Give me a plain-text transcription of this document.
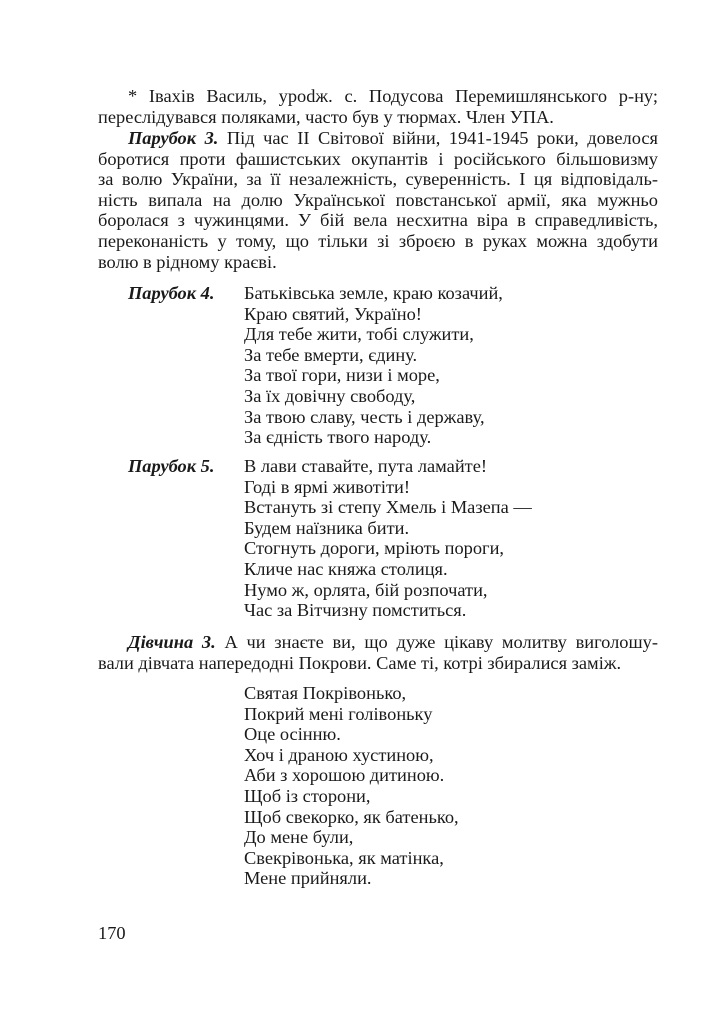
* Івахів Василь, урodж. с. Подусова Перемишлянського р-ну;
переслідувався поляками, часто був у тюрмах. Член УПА.
Парубок 3. Під час II Світової війни, 1941-1945 роки, довелося
боротися проти фашистських окупантів і російського більшовизму
за волю України, за її незалежність, суверенність. І ця відповідаль-
ність випала на долю Української повстанської армії, яка мужньо
боролася з чужинцями. У бій вела несхитна віра в справедливість,
переконаність у тому, що тільки зі зброєю в руках можна здобути
волю в рідному краєві.
Парубок 4. Батьківська земле, краю козачий,
Краю святий, Україно!
Для тебе жити, тобі служити,
За тебе вмерти, єдину.
За твої гори, низи і море,
За їх довічну свободу,
За твою славу, честь і державу,
За єдність твого народу.
Парубок 5. В лави ставайте, пута ламайте!
Годі в ярмі животіти!
Встануть зі степу Хмель і Мазепа —
Будем наїзника бити.
Стогнуть дороги, мріють пороги,
Кличе нас княжа столиця.
Нумо ж, орлята, бій розпочати,
Час за Вітчизну помститься.
Дівчина 3. А чи знаєте ви, що дуже цікаву молитву виголошу-
вали дівчата напередодні Покрови. Саме ті, котрі збиралися заміж.
Святая Покрівонько,
Покрий мені голівоньку
Оце осінню.
Хоч і драною хустиною,
Аби з хорошою дитиною.
Щоб із сторони,
Щоб свекорко, як батенько,
До мене були,
Свекрівонька, як матінка,
Мене прийняли.
170
